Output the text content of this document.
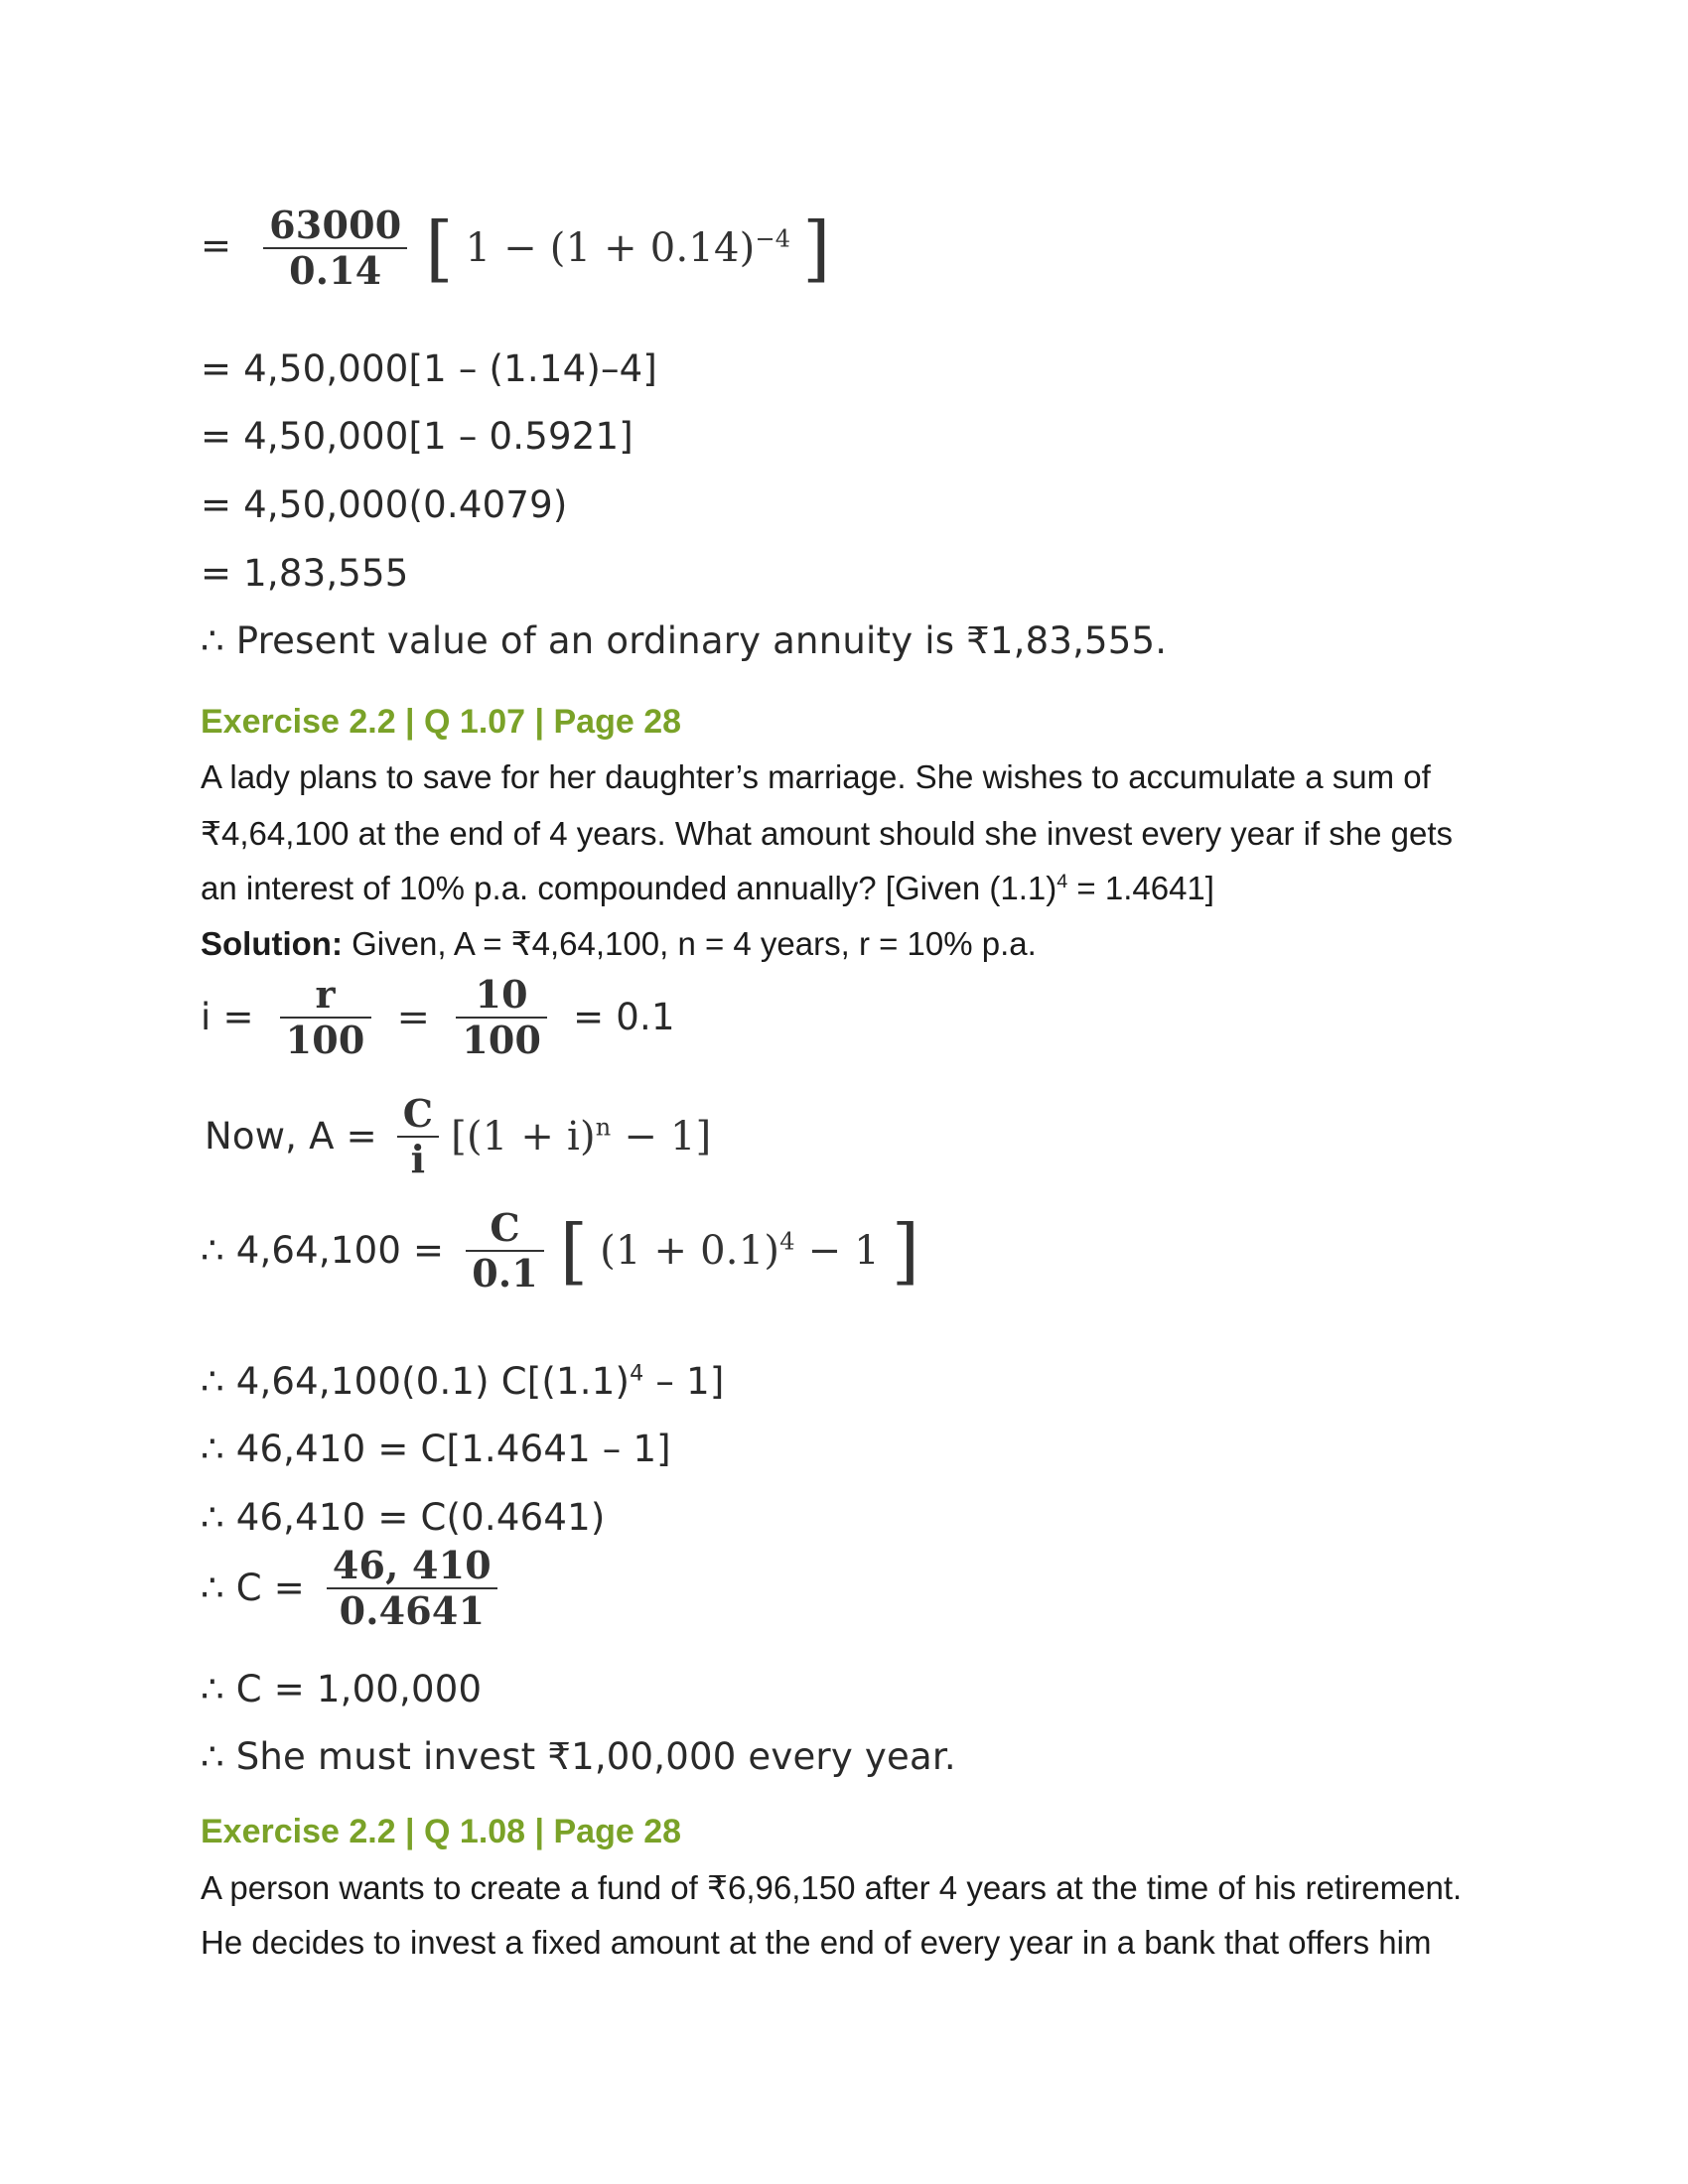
= $\frac{63000}{0.14}$ [ $1 - (1 + 0.14)^{-4}$ ]
= 4,50,000[1 – (1.14)–4]
= 4,50,000[1 – 0.5921]
= 4,50,000(0.4079)
= 1,83,555
∴ Present value of an ordinary annuity is ₹1,83,555.
Exercise 2.2 | Q 1.07 | Page 28
A lady plans to save for her daughter’s marriage. She wishes to accumulate a sum of
₹4,64,100 at the end of 4 years. What amount should she invest every year if she gets
an interest of 10% p.a. compounded annually? [Given $(1.1)^4 = 1.4641$]
Solution: Given, A = ₹4,64,100, n = 4 years, r = 10% p.a.
$i = \frac{r}{100} = \frac{10}{100} = 0.1$
Now, $A = \frac{C}{i} [(1 + i)^n - 1]$
∴ $4,64,100 = \frac{C}{0.1}$ [ $(1 + 0.1)^4 - 1$ ]
∴ 4,64,100(0.1) $C[(1.1)^4 - 1]$
∴ 46,410 = C[1.4641 – 1]
∴ 46,410 = C(0.4641)
∴ $C = \frac{46, 410}{0.4641}$
∴ C = 1,00,000
∴ She must invest ₹1,00,000 every year.
Exercise 2.2 | Q 1.08 | Page 28
A person wants to create a fund of ₹6,96,150 after 4 years at the time of his retirement.
He decides to invest a fixed amount at the end of every year in a bank that offers him
